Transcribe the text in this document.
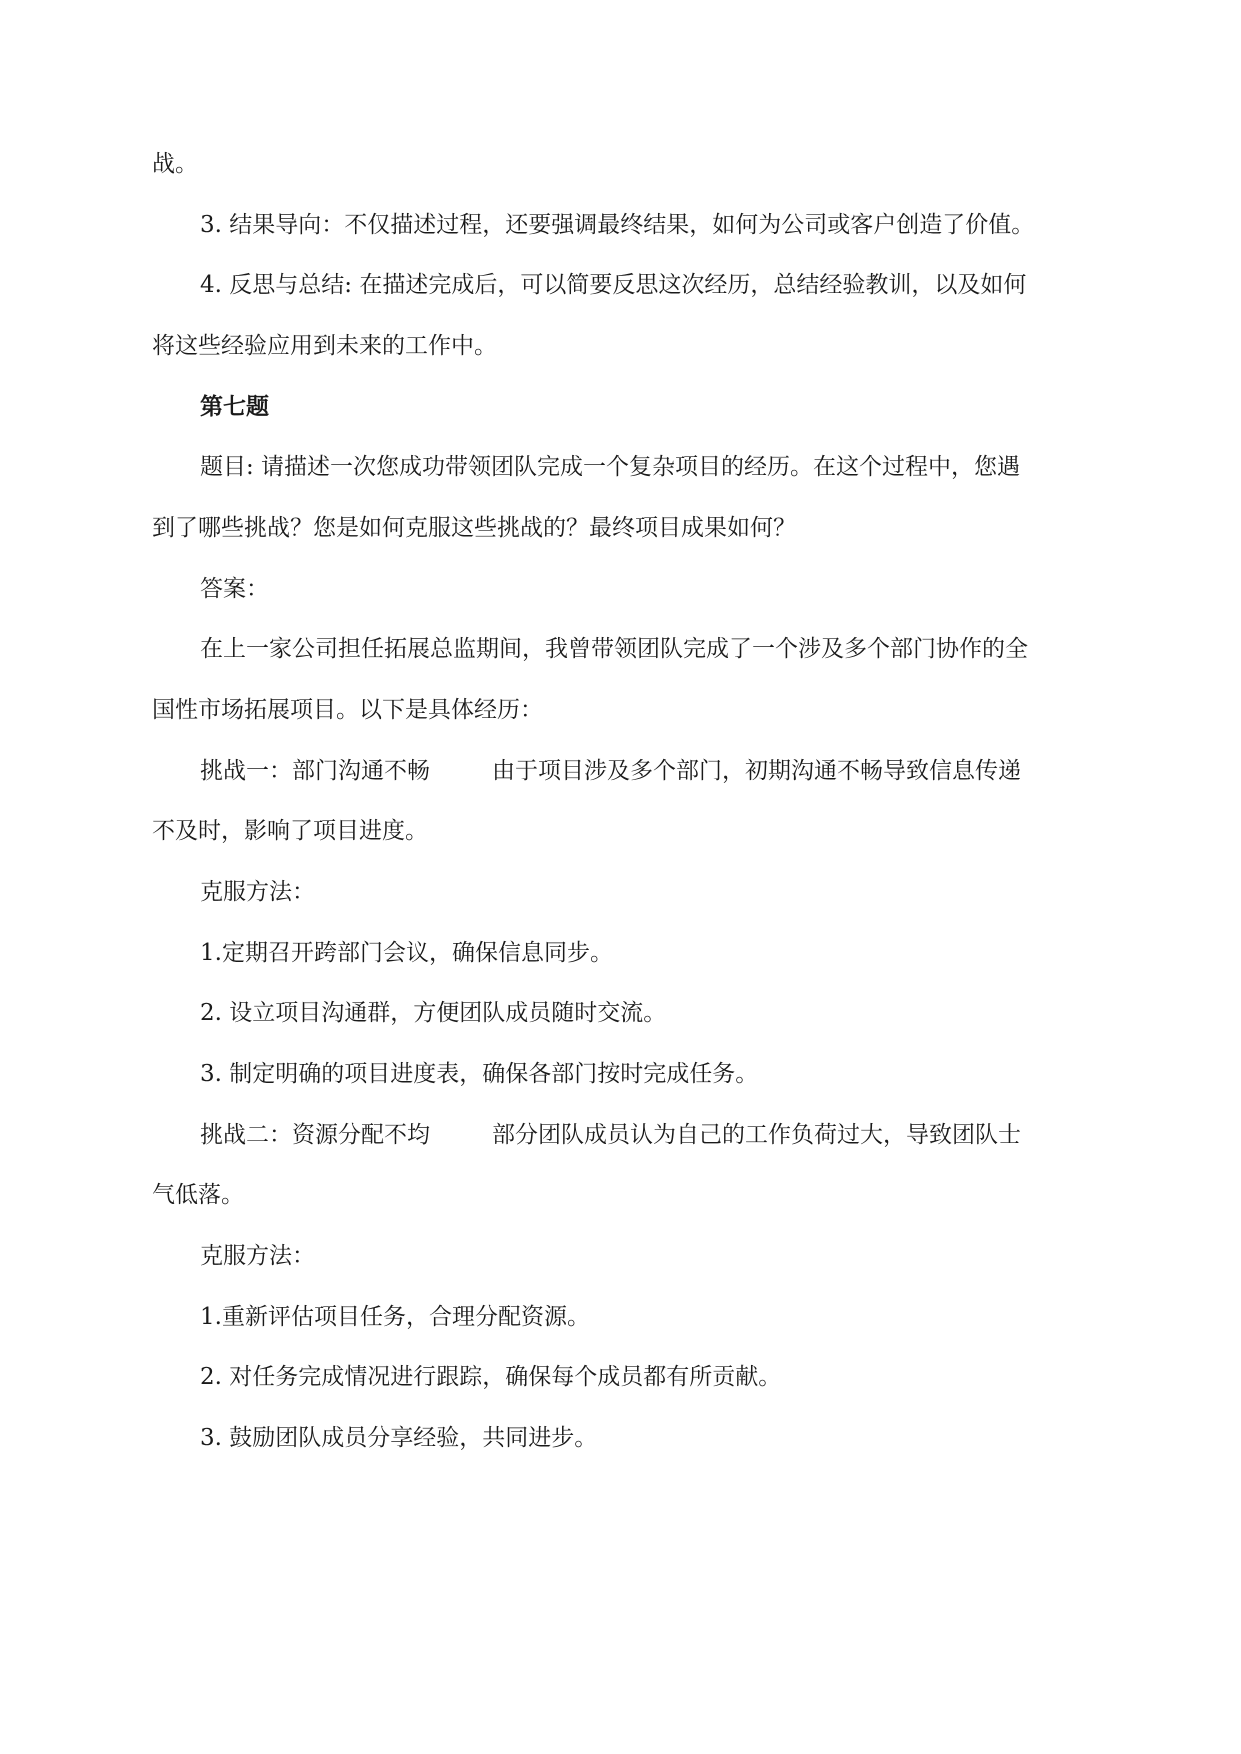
战。
3. 结果导向：不仅描述过程，还要强调最终结果，如何为公司或客户创造了价值。
4. 反思与总结: 在描述完成后，可以简要反思这次经历，总结经验教训，以及如何
将这些经验应用到未来的工作中。
第七题
题目: 请描述一次您成功带领团队完成一个复杂项目的经历。在这个过程中，您遇
到了哪些挑战？您是如何克服这些挑战的？最终项目成果如何？
答案：
在上一家公司担任拓展总监期间，我曾带领团队完成了一个涉及多个部门协作的全
国性市场拓展项目。以下是具体经历：
挑战一：部门沟通不畅	由于项目涉及多个部门，初期沟通不畅导致信息传递
不及时，影响了项目进度。
克服方法：
1.定期召开跨部门会议，确保信息同步。
2. 设立项目沟通群，方便团队成员随时交流。
3. 制定明确的项目进度表，确保各部门按时完成任务。
挑战二：资源分配不均	部分团队成员认为自己的工作负荷过大，导致团队士
气低落。
克服方法：
1.重新评估项目任务，合理分配资源。
2. 对任务完成情况进行跟踪，确保每个成员都有所贡献。
3. 鼓励团队成员分享经验，共同进步。
